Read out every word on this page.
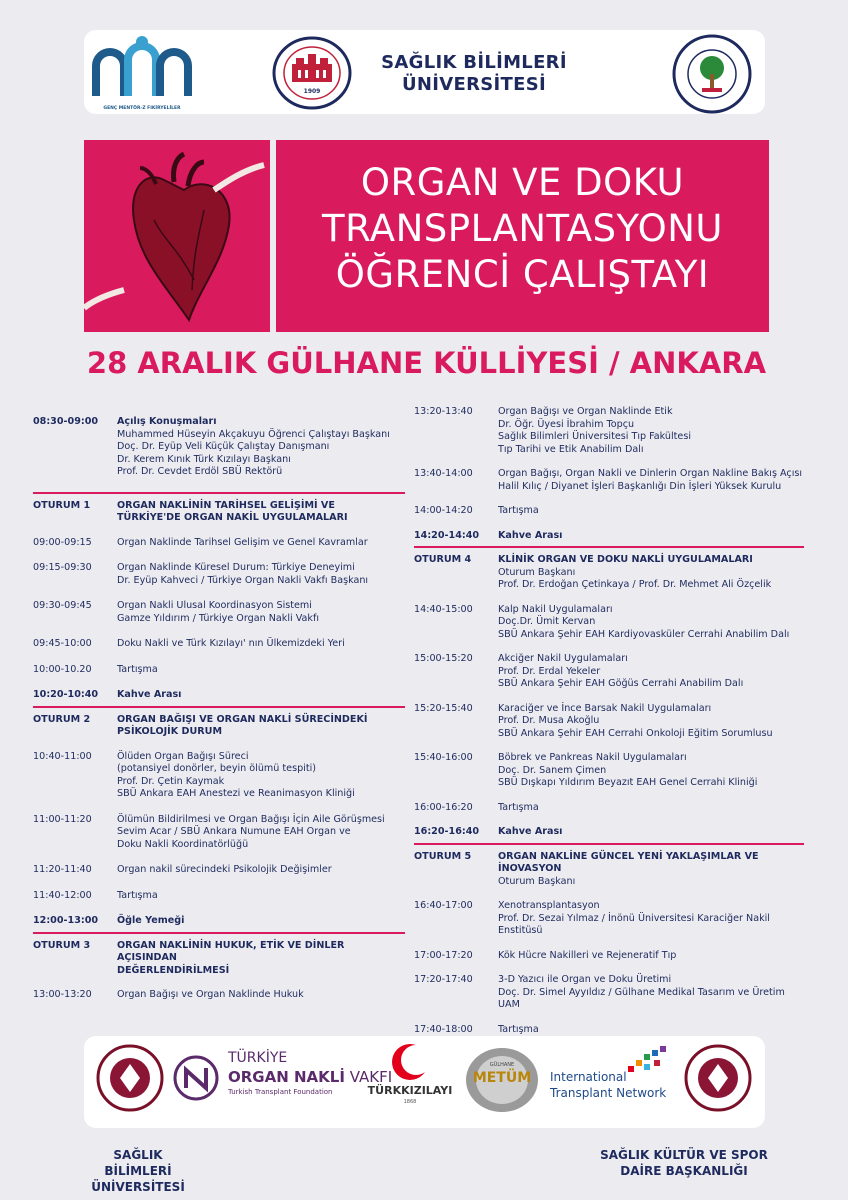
GENÇ MENTÖR-Z FIKİRYELİLER
1909
SAĞLIK BİLİMLERİ
ÜNİVERSİTESİ
ORGAN VE DOKU
TRANSPLANTASYONU
ÖĞRENCİ ÇALIŞTAYI
28 ARALIK GÜLHANE KÜLLİYESİ / ANKARA
08:30-09:00	Açılış Konuşmaları
Muhammed Hüseyin Akçakuyu Öğrenci Çalıştayı Başkanı
Doç. Dr. Eyüp Veli Küçük Çalıştay Danışmanı
Dr. Kerem Kınık Türk Kızılayı Başkanı
Prof. Dr. Cevdet Erdöl SBÜ Rektörü
OTURUM 1	ORGAN NAKLİNİN TARİHSEL GELİŞİMİ VE
TÜRKİYE'DE ORGAN NAKİL UYGULAMALARI
09:00-09:15	Organ Naklinde Tarihsel Gelişim ve Genel Kavramlar
09:15-09:30	Organ Naklinde Küresel Durum: Türkiye Deneyimi
Dr. Eyüp Kahveci / Türkiye Organ Nakli Vakfı Başkanı
09:30-09:45	Organ Nakli Ulusal Koordinasyon Sistemi
Gamze Yıldırım / Türkiye Organ Nakli Vakfı
09:45-10:00	Doku Nakli ve Türk Kızılayı' nın Ülkemizdeki Yeri
10:00-10.20	Tartışma
10:20-10:40	Kahve Arası
OTURUM 2	ORGAN BAĞIŞI VE ORGAN NAKLİ SÜRECİNDEKİ
PSİKOLOJİK DURUM
10:40-11:00	Ölüden Organ Bağışı Süreci
(potansiyel donörler, beyin ölümü tespiti)
Prof. Dr. Çetin Kaymak
SBÜ Ankara EAH Anestezi ve Reanimasyon Kliniği
11:00-11:20	Ölümün Bildirilmesi ve Organ Bağışı İçin Aile Görüşmesi
Sevim Acar / SBÜ Ankara Numune EAH Organ ve
Doku Nakli Koordinatörlüğü
11:20-11:40	Organ nakil sürecindeki Psikolojik Değişimler
11:40-12:00	Tartışma
12:00-13:00	Öğle Yemeği
OTURUM 3	ORGAN NAKLİNİN HUKUK, ETİK VE DİNLER AÇISINDAN
DEĞERLENDİRİLMESİ
13:00-13:20	Organ Bağışı ve Organ Naklinde Hukuk
13:20-13:40	Organ Bağışı ve Organ Naklinde Etik
Dr. Öğr. Üyesi İbrahim Topçu
Sağlık Bilimleri Üniversitesi Tıp Fakültesi
Tıp Tarihi ve Etik Anabilim Dalı
13:40-14:00	Organ Bağışı, Organ Nakli ve Dinlerin Organ Nakline Bakış Açısı
Halil Kılıç / Diyanet İşleri Başkanlığı Din İşleri Yüksek Kurulu
14:00-14:20	Tartışma
14:20-14:40	Kahve Arası
OTURUM 4	KLİNİK ORGAN VE DOKU NAKLİ UYGULAMALARI
Oturum Başkanı
Prof. Dr. Erdoğan Çetinkaya / Prof. Dr. Mehmet Ali Özçelik
14:40-15:00	Kalp Nakil Uygulamaları
Doç.Dr. Ümit Kervan
SBÜ Ankara Şehir EAH Kardiyovasküler Cerrahi Anabilim Dalı
15:00-15:20	Akciğer Nakil Uygulamaları
Prof. Dr. Erdal Yekeler
SBÜ Ankara Şehir EAH Göğüs Cerrahi Anabilim Dalı
15:20-15:40	Karaciğer ve İnce Barsak Nakil Uygulamaları
Prof. Dr. Musa Akoğlu
SBÜ Ankara Şehir EAH Cerrahi Onkoloji Eğitim Sorumlusu
15:40-16:00	Böbrek ve Pankreas Nakil Uygulamaları
Doç. Dr. Sanem Çimen
SBÜ Dışkapı Yıldırım Beyazıt EAH Genel Cerrahi Kliniği
16:00-16:20	Tartışma
16:20-16:40	Kahve Arası
OTURUM 5	ORGAN NAKLİNE GÜNCEL YENİ YAKLAŞIMLAR VE İNOVASYON
Oturum Başkanı
16:40-17:00	Xenotransplantasyon
Prof. Dr. Sezai Yılmaz / İnönü Üniversitesi Karaciğer Nakil Enstitüsü
17:00-17:20	Kök Hücre Nakilleri ve Rejeneratif Tıp
17:20-17:40	3-D Yazıcı ile Organ ve Doku Üretimi
Doç. Dr. Simel Ayyıldız / Gülhane Medikal Tasarım ve Üretim UAM
17:40-18:00	Tartışma
TÜRKİYE
ORGAN NAKLİ VAKFI
Turkish Transplant Foundation	TÜRKKIZILAYI
1868
GÜLHANE
METÜM	International
Transplant Network
SAĞLIK BİLİMLERİ
ÜNİVERSİTESİ
SAĞLIK KÜLTÜR VE SPOR
DAİRE BAŞKANLIĞI
